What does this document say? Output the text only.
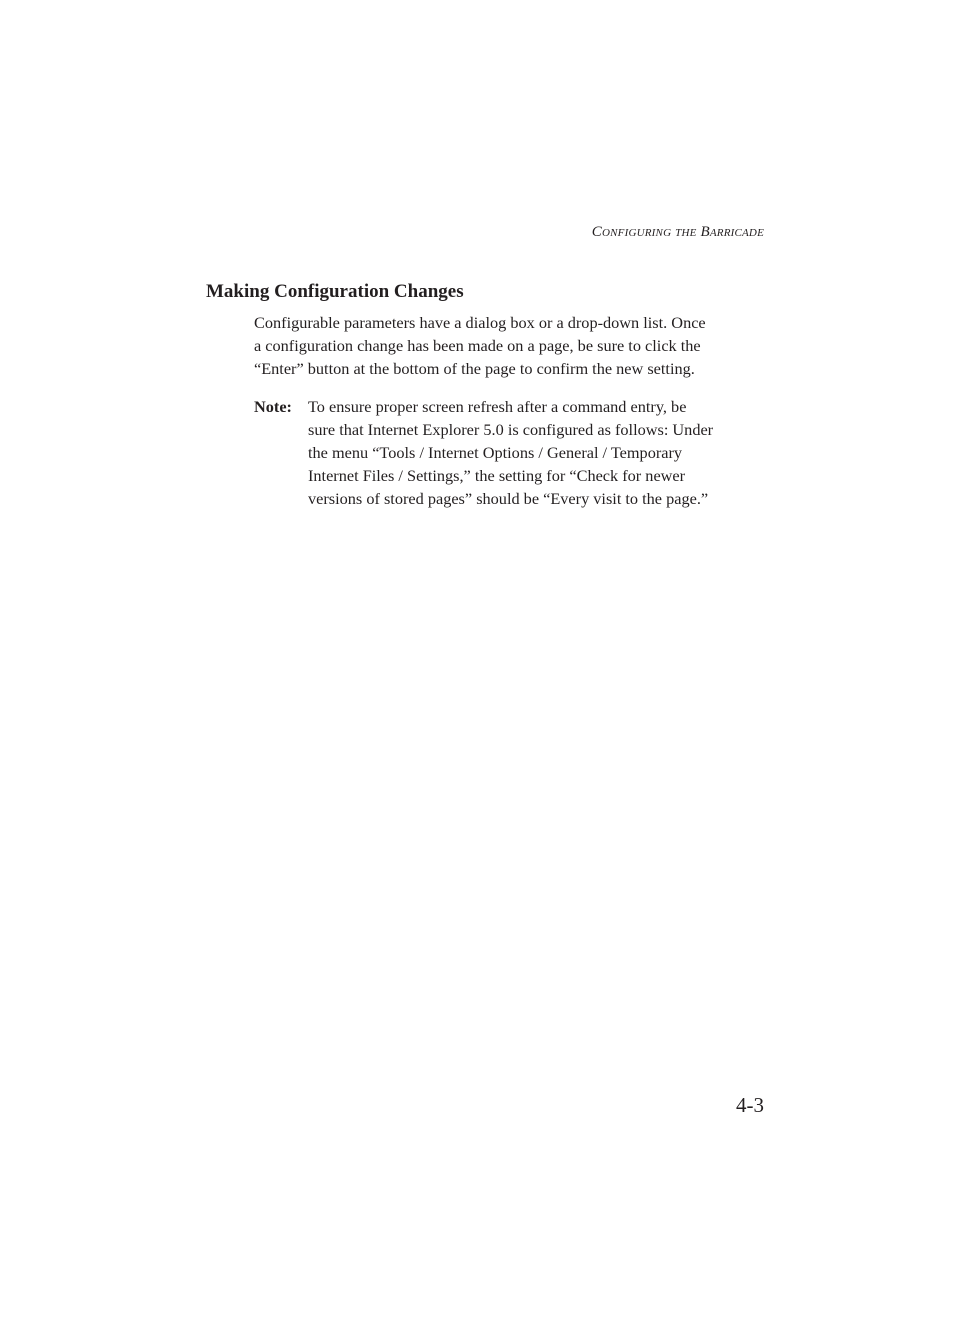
Configuring the Barricade
Making Configuration Changes

Configurable parameters have a dialog box or a drop-down list. Once
a configuration change has been made on a page, be sure to click the
“Enter” button at the bottom of the page to confirm the new setting.

Note: To ensure proper screen refresh after a command entry, be
sure that Internet Explorer 5.0 is configured as follows: Under
the menu “Tools / Internet Options / General / Temporary
Internet Files / Settings,” the setting for “Check for newer
versions of stored pages” should be “Every visit to the page.”

4-3
